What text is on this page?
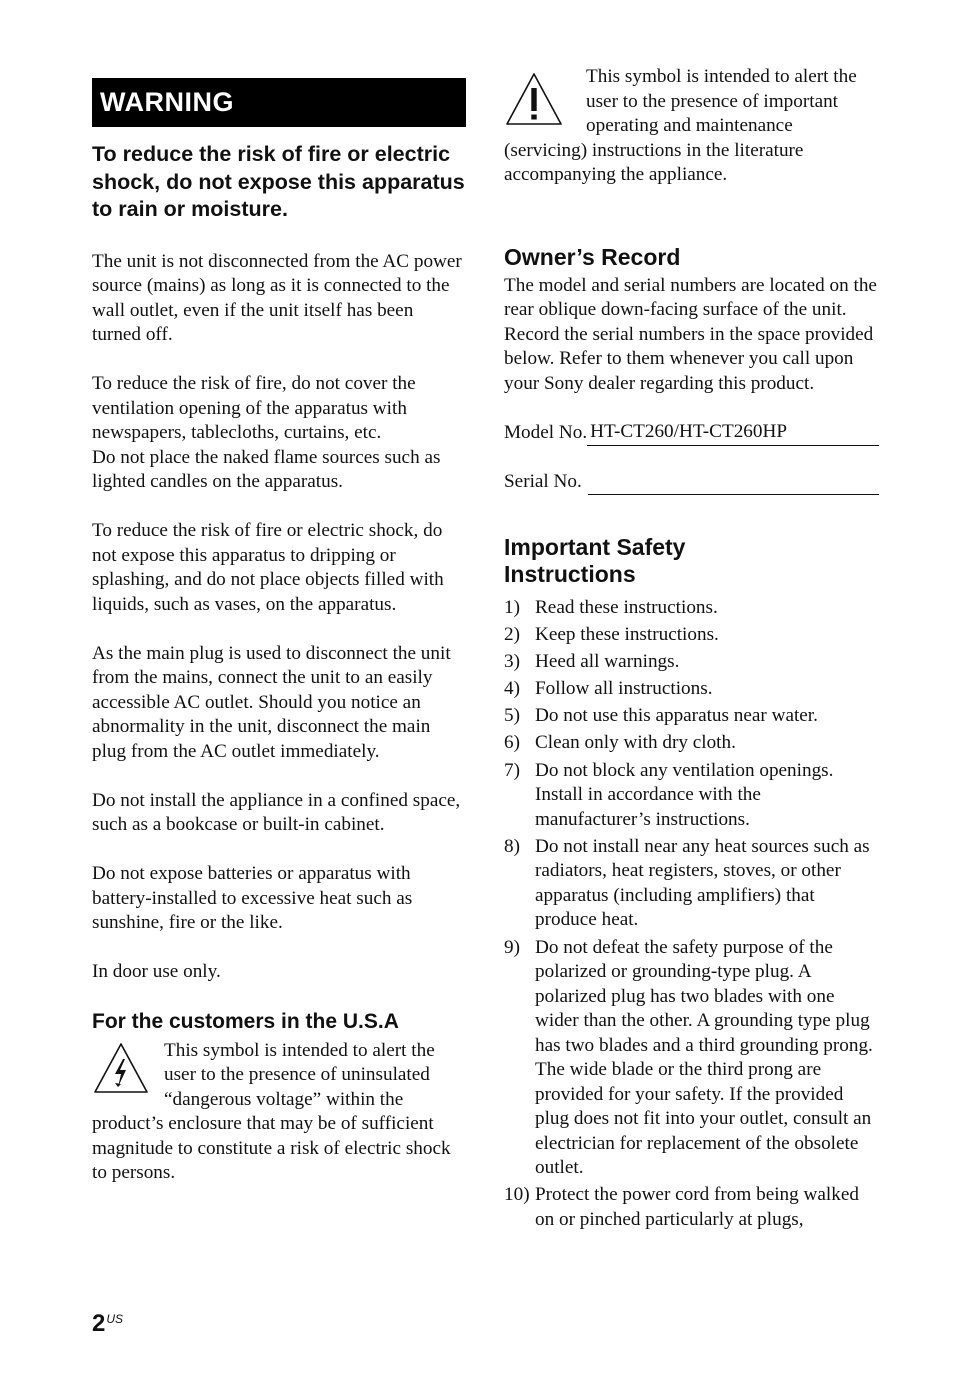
WARNING

To reduce the risk of fire or electric shock, do not expose this apparatus to rain or moisture.

The unit is not disconnected from the AC power source (mains) as long as it is connected to the wall outlet, even if the unit itself has been turned off.

To reduce the risk of fire, do not cover the ventilation opening of the apparatus with newspapers, tablecloths, curtains, etc.

Do not place the naked flame sources such as lighted candles on the apparatus.

To reduce the risk of fire or electric shock, do not expose this apparatus to dripping or splashing, and do not place objects filled with liquids, such as vases, on the apparatus.

As the main plug is used to disconnect the unit from the mains, connect the unit to an easily accessible AC outlet. Should you notice an abnormality in the unit, disconnect the main plug from the AC outlet immediately.

Do not install the appliance in a confined space, such as a bookcase or built-in cabinet.

Do not expose batteries or apparatus with battery-installed to excessive heat such as sunshine, fire or the like.

In door use only.

For the customers in the U.S.A
This symbol is intended to alert the user to the presence of uninsulated “dangerous voltage” within the product’s enclosure that may be of sufficient magnitude to constitute a risk of electric shock to persons.
This symbol is intended to alert the user to the presence of important operating and maintenance (servicing) instructions in the literature accompanying the appliance.
Owner’s Record

The model and serial numbers are located on the rear oblique down-facing surface of the unit. Record the serial numbers in the space provided below. Refer to them whenever you call upon your Sony dealer regarding this product.

Model No. HT-CT260/HT-CT260HP
Serial No.
Important Safety Instructions
1) Read these instructions.
2) Keep these instructions.
3) Heed all warnings.
4) Follow all instructions.
5) Do not use this apparatus near water.
6) Clean only with dry cloth.
7) Do not block any ventilation openings. Install in accordance with the manufacturer’s instructions.
8) Do not install near any heat sources such as radiators, heat registers, stoves, or other apparatus (including amplifiers) that produce heat.
9) Do not defeat the safety purpose of the polarized or grounding-type plug. A polarized plug has two blades with one wider than the other. A grounding type plug has two blades and a third grounding prong. The wide blade or the third prong are provided for your safety. If the provided plug does not fit into your outlet, consult an electrician for replacement of the obsolete outlet.
10) Protect the power cord from being walked on or pinched particularly at plugs,
$2^{US}$
